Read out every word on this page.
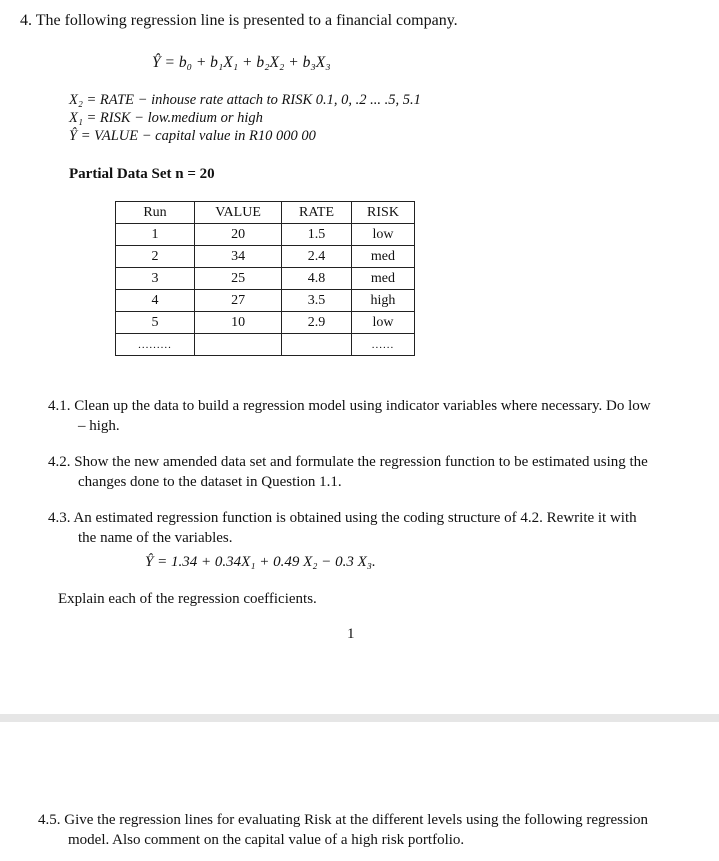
4. The following regression line is presented to a financial company.
Ŷ = b₀ + b₁X₁ + b₂X₂ + b₃X₃
X₂ = RATE − inhouse rate attach to RISK 0.1, 0, .2 ... .5, 5.1
X₁ = RISK − low.medium or high
Ŷ = VALUE − capital value in R10 000 00
Partial Data Set n = 20
Run	VALUE	RATE	RISK
1	20	1.5	low
2	34	2.4	med
3	25	4.8	med
4	27	3.5	high
5	10	2.9	low
.........			......
4.1. Clean up the data to build a regression model using indicator variables where necessary. Do low
– high.
4.2. Show the new amended data set and formulate the regression function to be estimated using the
changes done to the dataset in Question 1.1.
4.3. An estimated regression function is obtained using the coding structure of 4.2. Rewrite it with
the name of the variables.
Ŷ = 1.34 + 0.34X₁ + 0.49 X₂ − 0.3 X₃.
Explain each of the regression coefficients.
1
4.5. Give the regression lines for evaluating Risk at the different levels using the following regression
model. Also comment on the capital value of a high risk portfolio.
